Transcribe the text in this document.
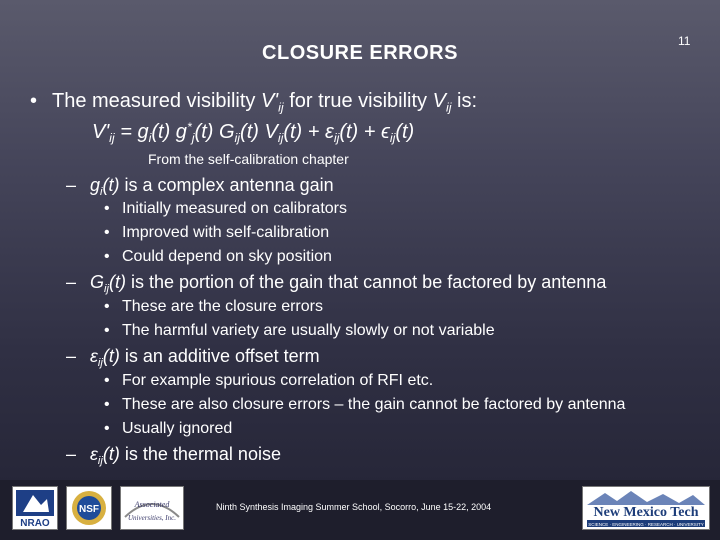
CLOSURE ERRORS
11
• The measured visibility $V'_{ij}$ for true visibility $V_{ij}$ is:
$V'_{ij} = g_i(t)$ $g^*_j(t)$ $G_{ij}(t) V_{ij}(t) + \varepsilon_{ij}(t) + \epsilon_{ij}(t)$
From the self-calibration chapter
– $g_i(t)$ is a complex antenna gain
• Initially measured on calibrators
• Improved with self-calibration
• Could depend on sky position
– $G_{ij}(t)$ is the portion of the gain that cannot be factored by antenna
• These are the closure errors
• The harmful variety are usually slowly or not variable
– $\varepsilon_{ij}(t)$ is an additive offset term
• For example spurious correlation of RFI etc.
• These are also closure errors – the gain cannot be factored by antenna
• Usually ignored
– $\varepsilon_{ij}(t)$ is the thermal noise
NRAO
NSF	Associated
Universities, Inc.
Ninth Synthesis Imaging Summer School, Socorro, June 15-22, 2004	New Mexico Tech
SCIENCE · ENGINEERING · RESEARCH · UNIVERSITY
